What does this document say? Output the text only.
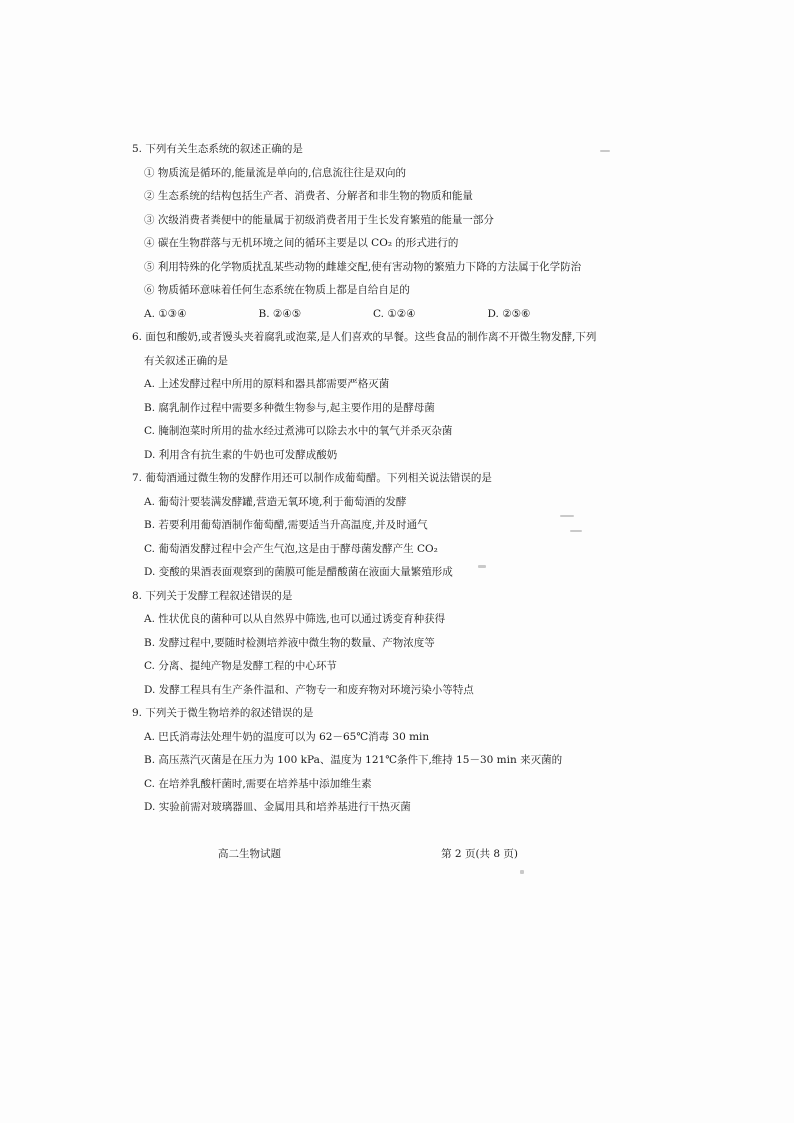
5. 下列有关生态系统的叙述正确的是

① 物质流是循环的,能量流是单向的,信息流往往是双向的

② 生态系统的结构包括生产者、消费者、分解者和非生物的物质和能量

③ 次级消费者粪便中的能量属于初级消费者用于生长发育繁殖的能量一部分

④ 碳在生物群落与无机环境之间的循环主要是以 CO₂ 的形式进行的

⑤ 利用特殊的化学物质扰乱某些动物的雌雄交配,使有害动物的繁殖力下降的方法属于化学防治

⑥ 物质循环意味着任何生态系统在物质上都是自给自足的

A. ①③④	B. ②④⑤	C. ①②④	D. ②⑤⑥

6. 面包和酸奶,或者馒头夹着腐乳或泡菜,是人们喜欢的早餐。这些食品的制作离不开微生物发酵,下列有关叙述正确的是

A. 上述发酵过程中所用的原料和器具都需要严格灭菌

B. 腐乳制作过程中需要多种微生物参与,起主要作用的是酵母菌

C. 腌制泡菜时所用的盐水经过煮沸可以除去水中的氧气并杀灭杂菌

D. 利用含有抗生素的牛奶也可发酵成酸奶

7. 葡萄酒通过微生物的发酵作用还可以制作成葡萄醋。下列相关说法错误的是

A. 葡萄汁要装满发酵罐,营造无氧环境,利于葡萄酒的发酵

B. 若要利用葡萄酒制作葡萄醋,需要适当升高温度,并及时通气

C. 葡萄酒发酵过程中会产生气泡,这是由于酵母菌发酵产生 CO₂

D. 变酸的果酒表面观察到的菌膜可能是醋酸菌在液面大量繁殖形成

8. 下列关于发酵工程叙述错误的是

A. 性状优良的菌种可以从自然界中筛选,也可以通过诱变育种获得

B. 发酵过程中,要随时检测培养液中微生物的数量、产物浓度等

C. 分离、提纯产物是发酵工程的中心环节

D. 发酵工程具有生产条件温和、产物专一和废弃物对环境污染小等特点

9. 下列关于微生物培养的叙述错误的是

A. 巴氏消毒法处理牛奶的温度可以为 62－65℃消毒 30 min

B. 高压蒸汽灭菌是在压力为 100 kPa、温度为 121℃条件下,维持 15－30 min 来灭菌的

C. 在培养乳酸杆菌时,需要在培养基中添加维生素

D. 实验前需对玻璃器皿、金属用具和培养基进行干热灭菌

高二生物试题	第 2 页(共 8 页)
